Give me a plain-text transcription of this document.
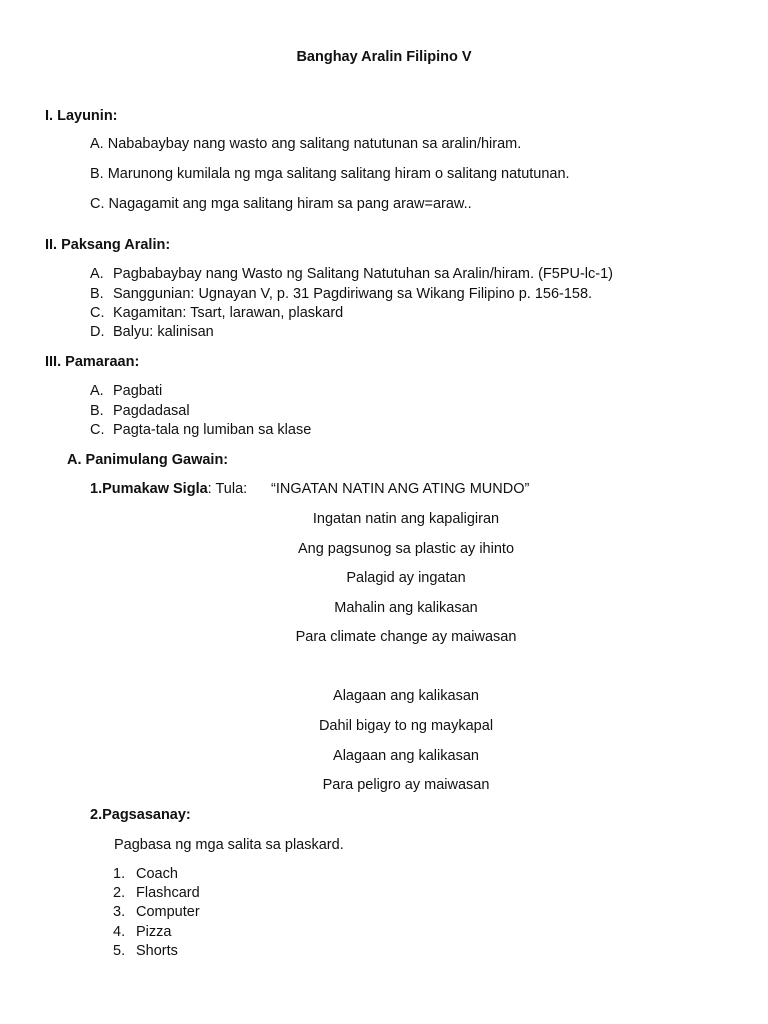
Banghay Aralin Filipino V
I. Layunin:
A. Nababaybay nang wasto ang salitang natutunan sa aralin/hiram.
B. Marunong kumilala ng mga salitang salitang hiram o salitang natutunan.
C. Nagagamit ang mga salitang hiram sa pang araw=araw..
II. Paksang Aralin:
A. Pagbabaybay nang Wasto ng Salitang Natutuhan sa Aralin/hiram. (F5PU-lc-1)
B. Sanggunian: Ugnayan V, p. 31 Pagdiriwang sa Wikang Filipino p. 156-158.
C. Kagamitan: Tsart, larawan, plaskard
D. Balyu: kalinisan
III. Pamaraan:
A. Pagbati
B. Pagdadasal
C. Pagta-tala ng lumiban sa klase
A. Panimulang Gawain:
1.Pumakaw Sigla: Tula: “INGATAN NATIN ANG ATING MUNDO”
Ingatan natin ang kapaligiran
Ang pagsunog sa plastic ay ihinto
Palagid ay ingatan
Mahalin ang kalikasan
Para climate change ay maiwasan
Alagaan ang kalikasan
Dahil bigay to ng maykapal
Alagaan ang kalikasan
Para peligro ay maiwasan
2.Pagsasanay:
Pagbasa ng mga salita sa plaskard.
1. Coach
2. Flashcard
3. Computer
4. Pizza
5. Shorts
